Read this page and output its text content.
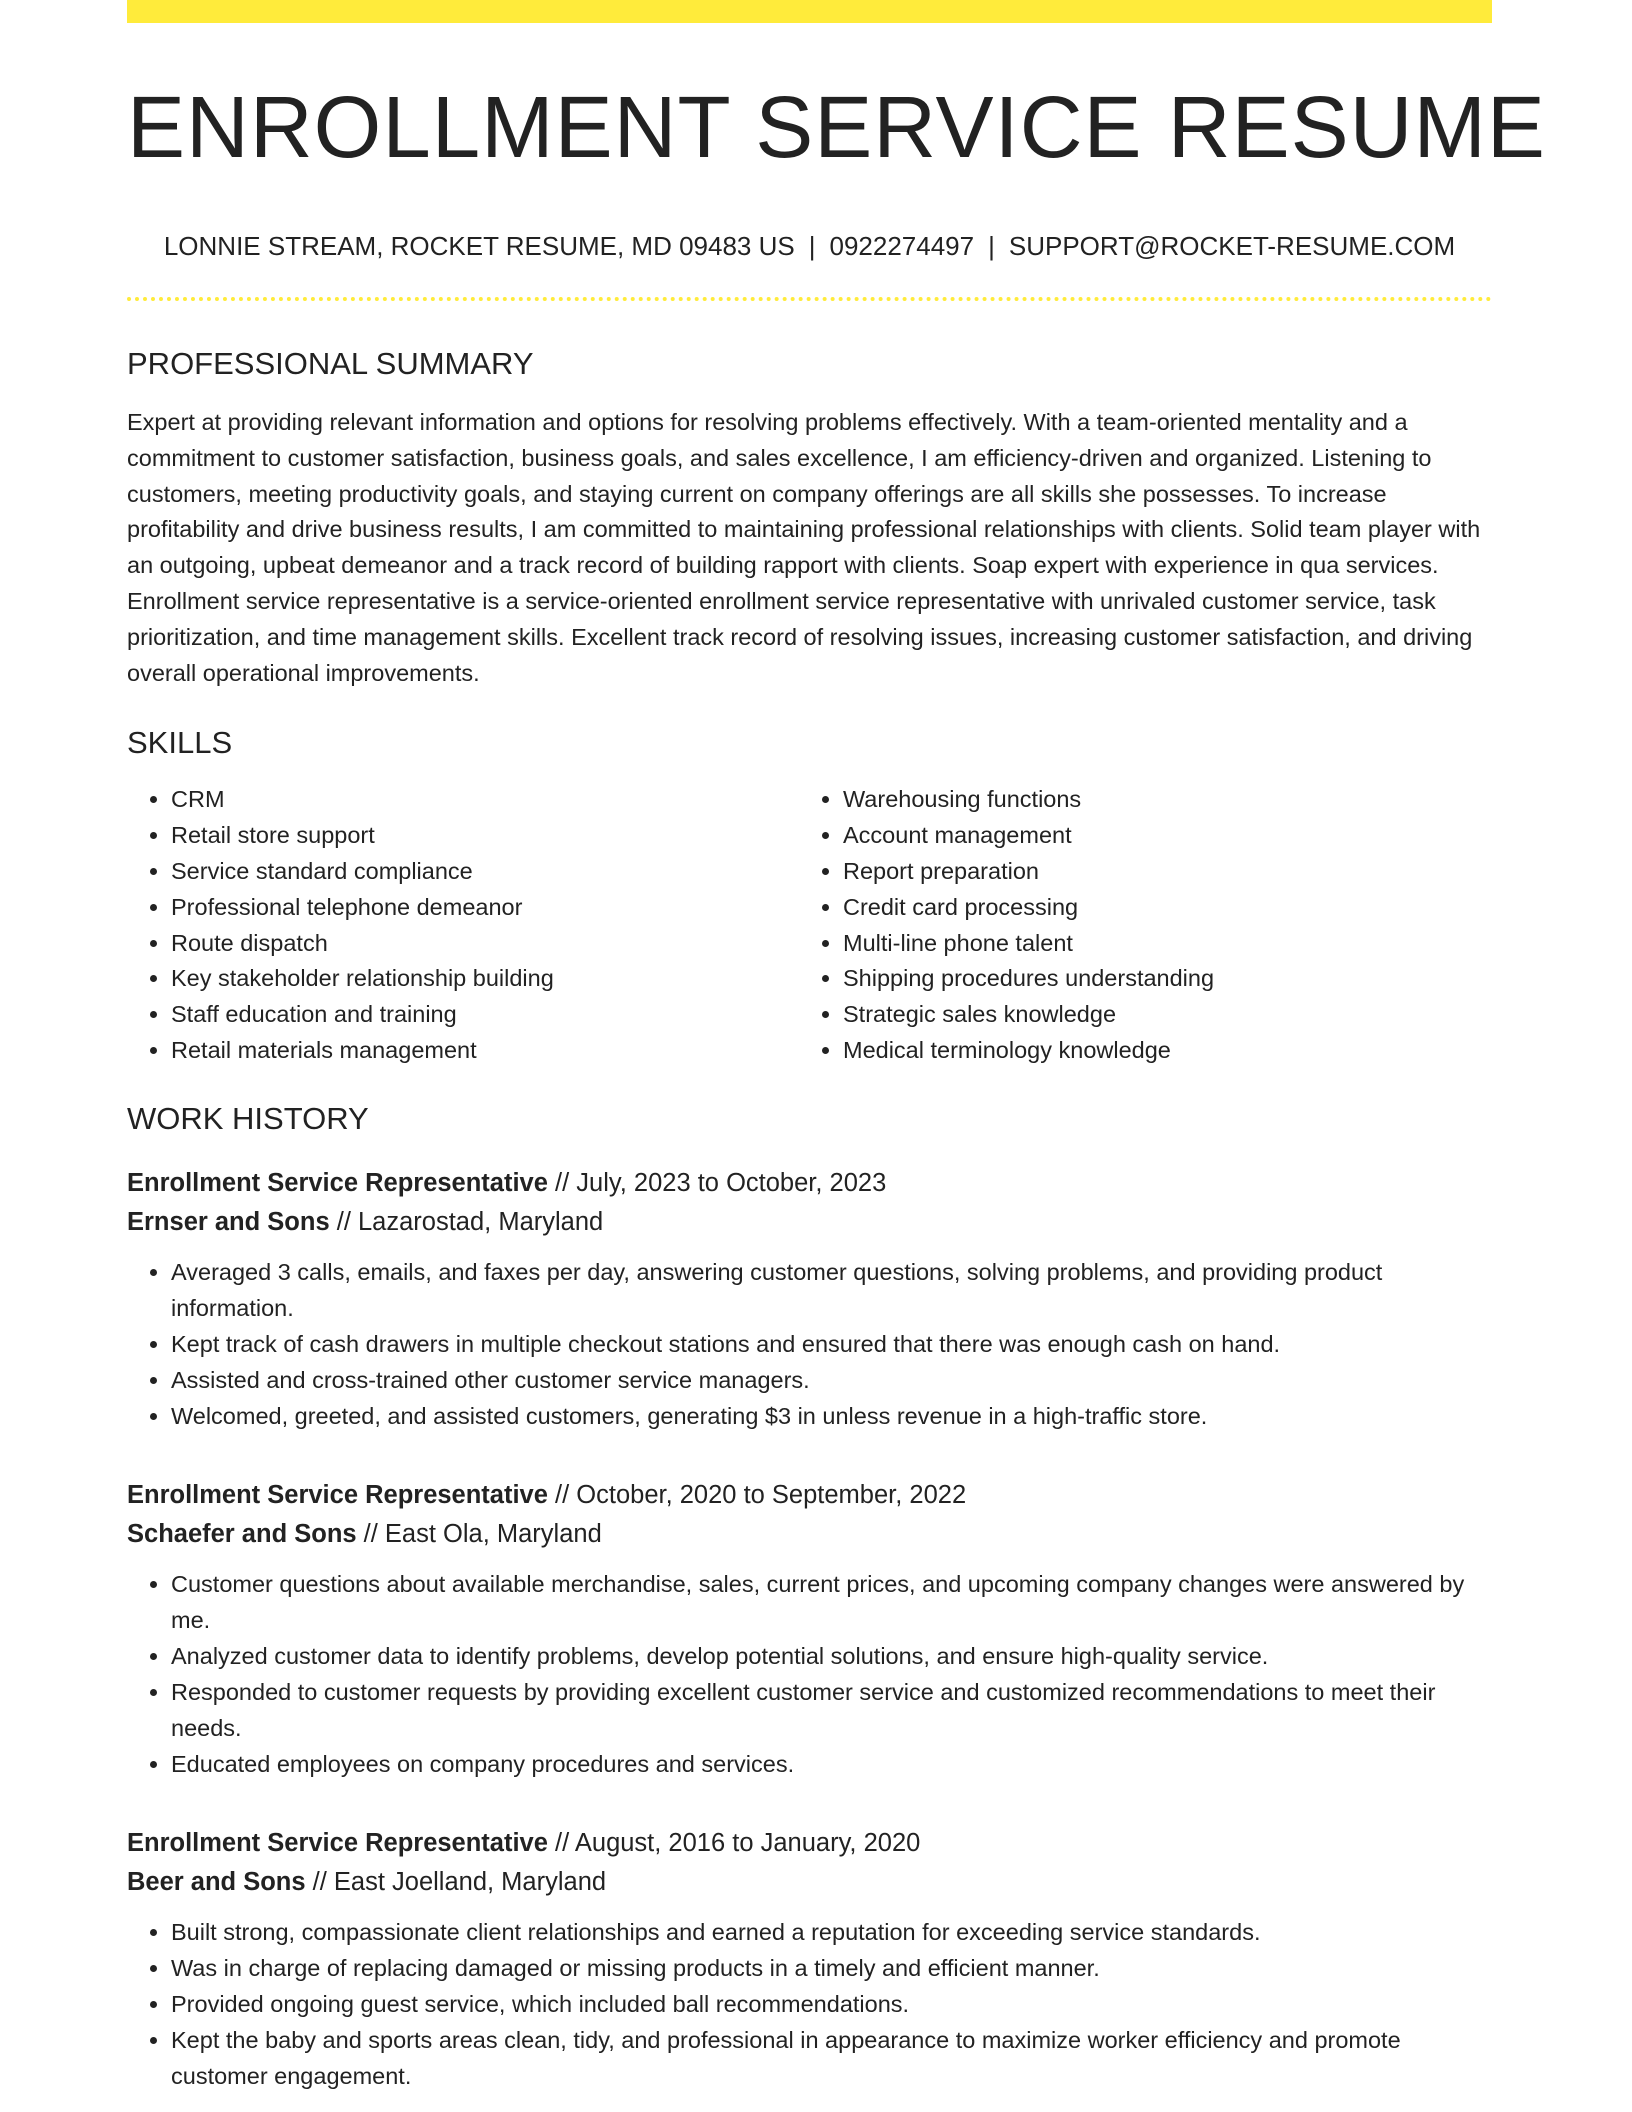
ENROLLMENT SERVICE RESUME
LONNIE STREAM, ROCKET RESUME, MD 09483 US | 0922274497 | SUPPORT@ROCKET-RESUME.COM
PROFESSIONAL SUMMARY

Expert at providing relevant information and options for resolving problems effectively. With a team-oriented mentality and a commitment to customer satisfaction, business goals, and sales excellence, I am efficiency-driven and organized. Listening to customers, meeting productivity goals, and staying current on company offerings are all skills she possesses. To increase profitability and drive business results, I am committed to maintaining professional relationships with clients. Solid team player with an outgoing, upbeat demeanor and a track record of building rapport with clients. Soap expert with experience in qua services. Enrollment service representative is a service-oriented enrollment service representative with unrivaled customer service, task prioritization, and time management skills. Excellent track record of resolving issues, increasing customer satisfaction, and driving overall operational improvements.

SKILLS
• CRM
• Retail store support
• Service standard compliance
• Professional telephone demeanor
• Route dispatch
• Key stakeholder relationship building
• Staff education and training
• Retail materials management
• Warehousing functions
• Account management
• Report preparation
• Credit card processing
• Multi-line phone talent
• Shipping procedures understanding
• Strategic sales knowledge
• Medical terminology knowledge
WORK HISTORY
Enrollment Service Representative // July, 2023 to October, 2023
Ernser and Sons // Lazarostad, Maryland
• Averaged 3 calls, emails, and faxes per day, answering customer questions, solving problems, and providing product information.
• Kept track of cash drawers in multiple checkout stations and ensured that there was enough cash on hand.
• Assisted and cross-trained other customer service managers.
• Welcomed, greeted, and assisted customers, generating $3 in unless revenue in a high-traffic store.
Enrollment Service Representative // October, 2020 to September, 2022
Schaefer and Sons // East Ola, Maryland
• Customer questions about available merchandise, sales, current prices, and upcoming company changes were answered by me.
• Analyzed customer data to identify problems, develop potential solutions, and ensure high-quality service.
• Responded to customer requests by providing excellent customer service and customized recommendations to meet their needs.
• Educated employees on company procedures and services.
Enrollment Service Representative // August, 2016 to January, 2020
Beer and Sons // East Joelland, Maryland
• Built strong, compassionate client relationships and earned a reputation for exceeding service standards.
• Was in charge of replacing damaged or missing products in a timely and efficient manner.
• Provided ongoing guest service, which included ball recommendations.
• Kept the baby and sports areas clean, tidy, and professional in appearance to maximize worker efficiency and promote customer engagement.
